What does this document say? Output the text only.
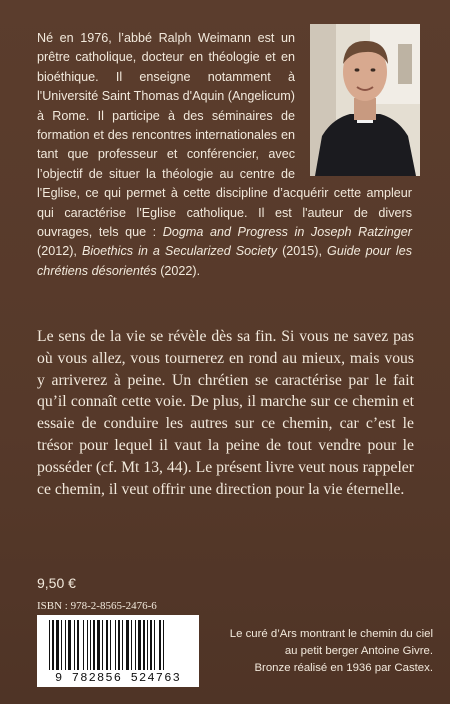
Né en 1976, l’abbé Ralph Weimann est un prêtre catholique, docteur en théologie et en bioéthique. Il enseigne notamment à l'Université Saint Thomas d'Aquin (Angelicum) à Rome. Il participe à des séminaires de formation et des rencontres internationales en tant que professeur et conférencier, avec l’objectif de situer la théologie au centre de l'Eglise, ce qui permet à cette discipline d’acquérir cette ampleur qui caractérise l'Eglise catholique. Il est l'auteur de divers ouvrages, tels que : Dogma and Progress in Joseph Ratzinger (2012), Bioethics in a Secularized Society (2015), Guide pour les chrétiens désorientés (2022).
Le sens de la vie se révèle dès sa fin. Si vous ne savez pas où vous allez, vous tournerez en rond au mieux, mais vous y arriverez à peine. Un chrétien se caractérise par le fait qu’il connaît cette voie. De plus, il marche sur ce chemin et essaie de conduire les autres sur ce chemin, car c’est le trésor pour lequel il vaut la peine de tout vendre pour le posséder (cf. Mt 13, 44). Le présent livre veut nous rappeler ce chemin, il veut offrir une direction pour la vie éternelle.
9,50 €
ISBN : 978-2-8565-2476-6
9 782856 524763
Le curé d’Ars montrant le chemin du ciel
au petit berger Antoine Givre.
Bronze réalisé en 1936 par Castex.
